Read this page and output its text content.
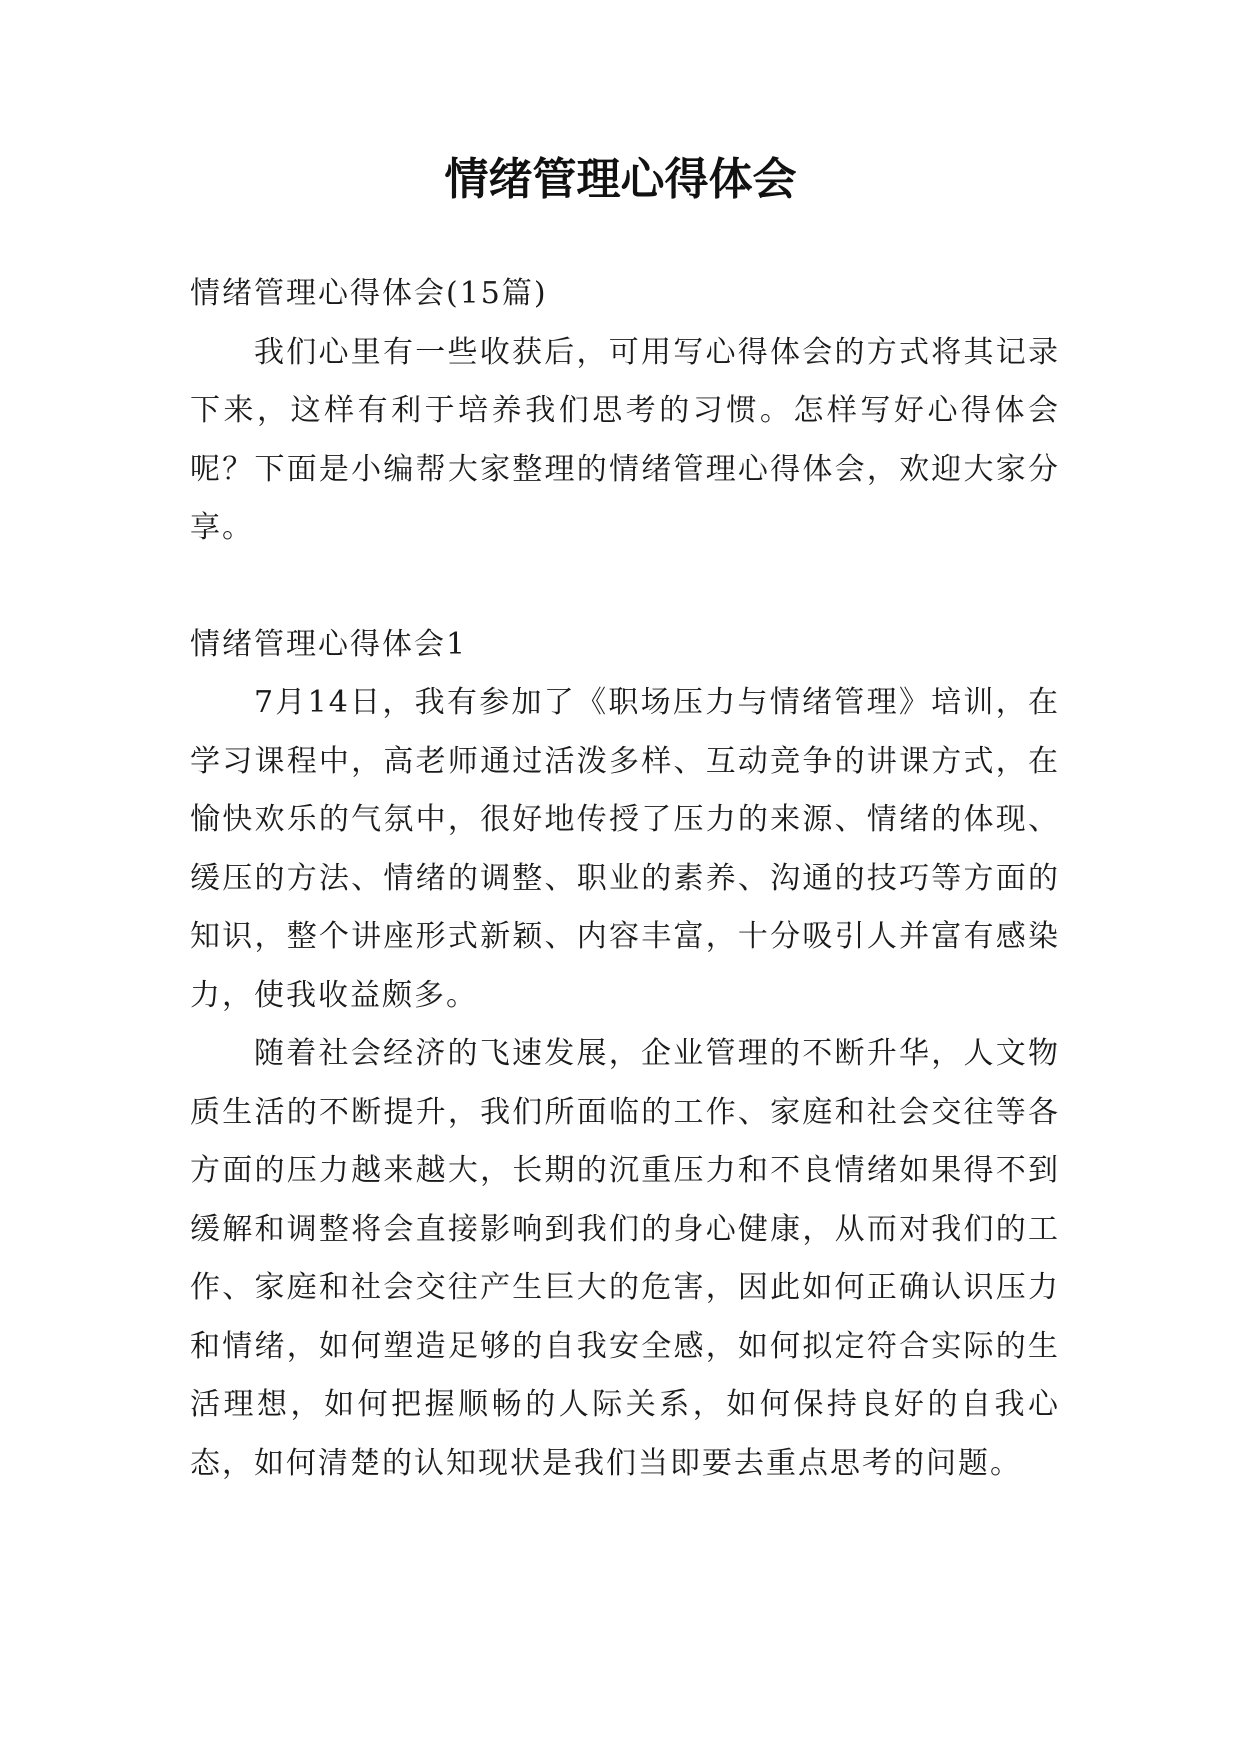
情绪管理心得体会

情绪管理心得体会(15篇)

我们心里有一些收获后，可用写心得体会的方式将其记录下来，这样有利于培养我们思考的习惯。怎样写好心得体会呢？下面是小编帮大家整理的情绪管理心得体会，欢迎大家分享。

情绪管理心得体会1

7月14日，我有参加了《职场压力与情绪管理》培训，在学习课程中，高老师通过活泼多样、互动竞争的讲课方式，在愉快欢乐的气氛中，很好地传授了压力的来源、情绪的体现、缓压的方法、情绪的调整、职业的素养、沟通的技巧等方面的知识，整个讲座形式新颖、内容丰富，十分吸引人并富有感染力，使我收益颇多。

随着社会经济的飞速发展，企业管理的不断升华，人文物质生活的不断提升，我们所面临的工作、家庭和社会交往等各方面的压力越来越大，长期的沉重压力和不良情绪如果得不到缓解和调整将会直接影响到我们的身心健康，从而对我们的工作、家庭和社会交往产生巨大的危害，因此如何正确认识压力和情绪，如何塑造足够的自我安全感，如何拟定符合实际的生活理想，如何把握顺畅的人际关系，如何保持良好的自我心态，如何清楚的认知现状是我们当即要去重点思考的问题。
